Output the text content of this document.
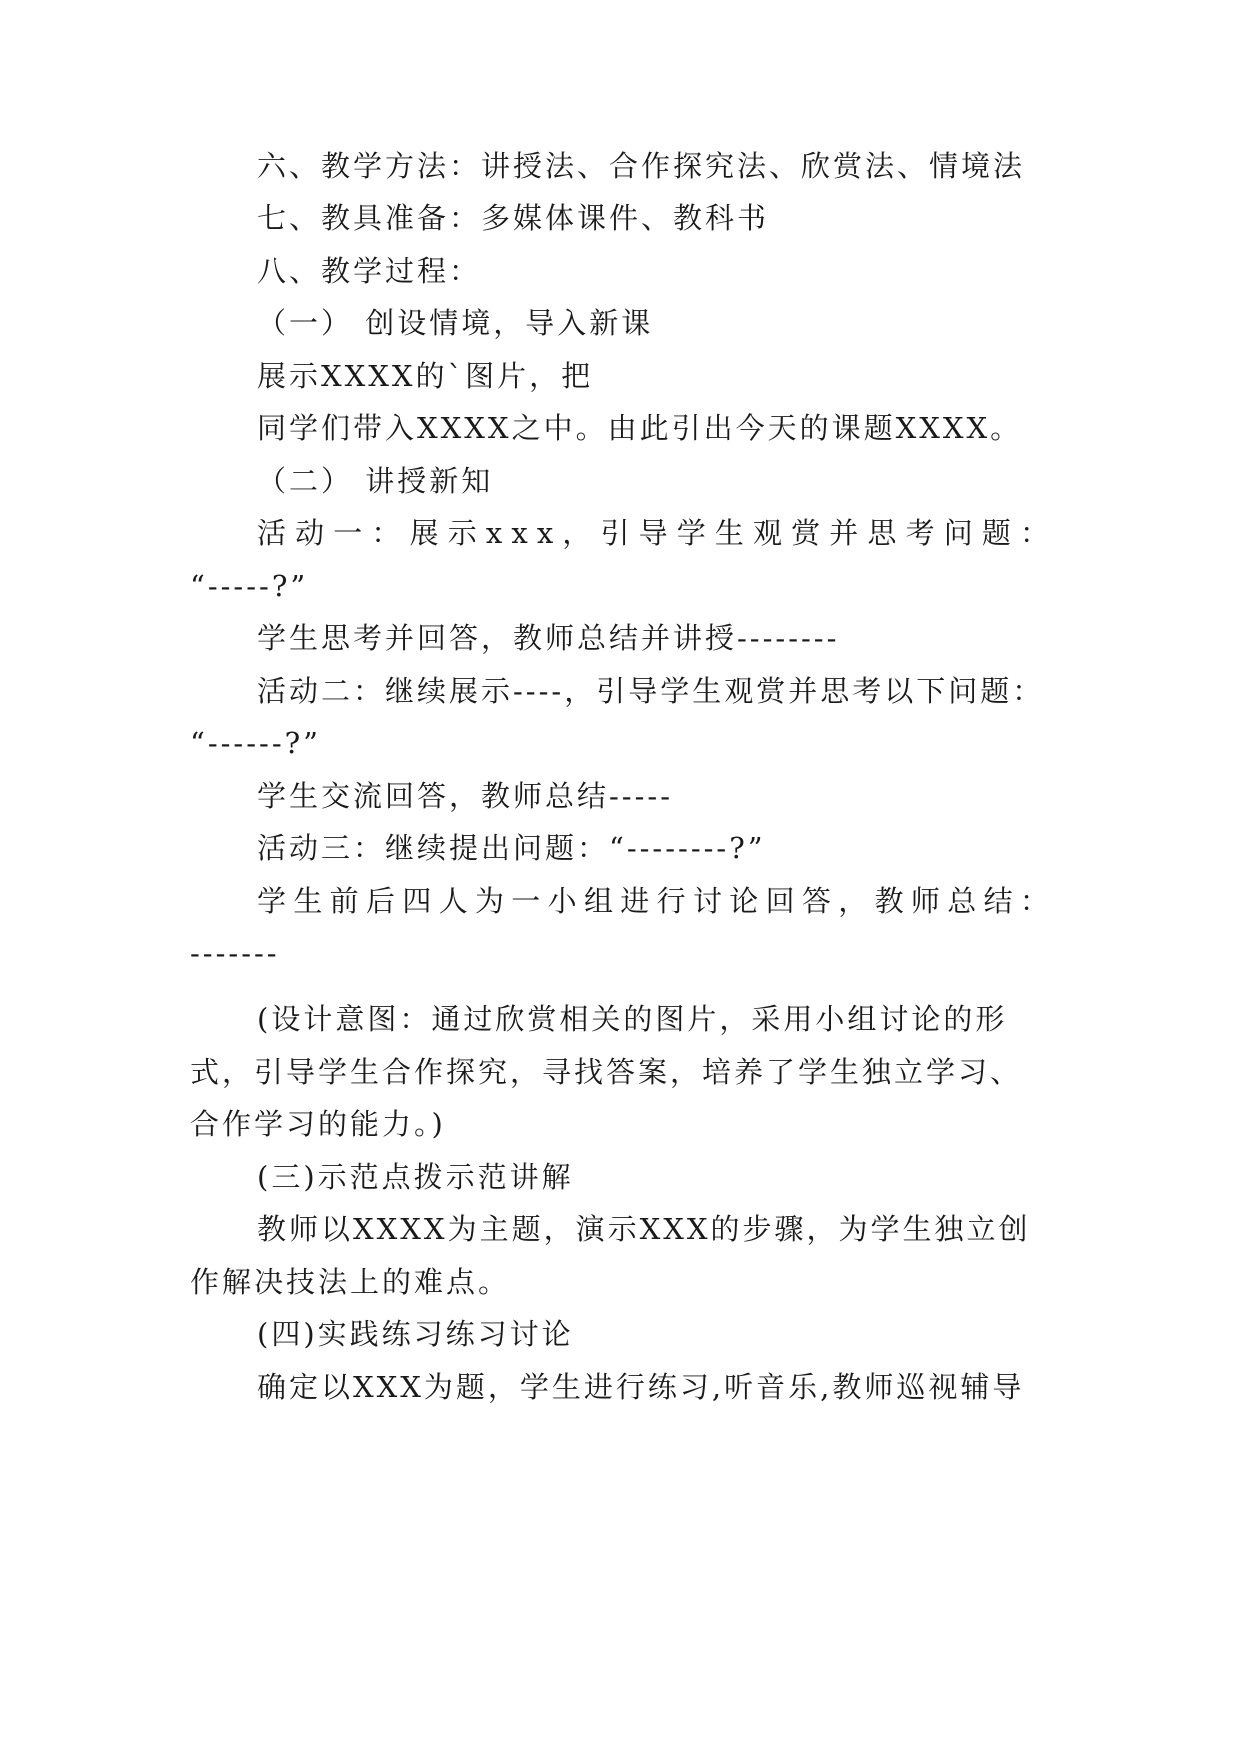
六、教学方法：讲授法、合作探究法、欣赏法、情境法
七、教具准备：多媒体课件、教科书
八、教学过程：
（一） 创设情境，导入新课
展示XXXX的`图片，把
同学们带入XXXX之中。由此引出今天的课题XXXX。
（二） 讲授新知
活 动 一 ： 展 示 x x x ， 引 导 学 生 观 赏 并 思 考 问 题 ：
“-----?”
学生思考并回答，教师总结并讲授--------
活动二：继续展示----，引导学生观赏并思考以下问题：
“------?”
学生交流回答，教师总结-----
活动三：继续提出问题：“--------?”
学 生 前 后 四 人 为 一 小 组 进 行 讨 论 回 答 ， 教 师 总 结 ：
-------
(设计意图：通过欣赏相关的图片，采用小组讨论的形
式，引导学生合作探究，寻找答案，培养了学生独立学习、
合作学习的能力。)
(三)示范点拨示范讲解
教师以XXXX为主题，演示XXX的步骤，为学生独立创
作解决技法上的难点。
(四)实践练习练习讨论
确定以XXX为题，学生进行练习,听音乐,教师巡视辅导
